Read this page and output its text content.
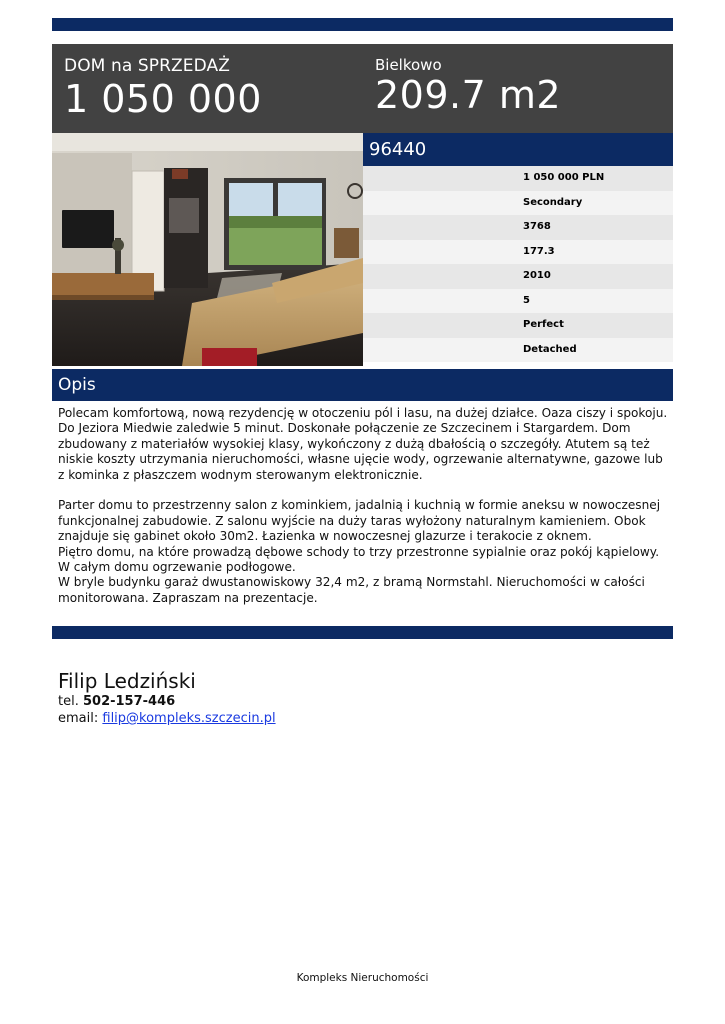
DOM na SPRZEDAŻ
1 050 000
Bielkowo
209.7 m2
96440
1 050 000 PLN
Secondary
3768
177.3
2010
5
Perfect
Detached
Opis

Polecam komfortową, nową rezydencję w otoczeniu pól i lasu, na dużej działce. Oaza ciszy i spokoju. Do Jeziora Miedwie zaledwie 5 minut. Doskonałe połączenie ze Szczecinem i Stargardem. Dom zbudowany z materiałów wysokiej klasy, wykończony z dużą dbałością o szczegóły. Atutem są też niskie koszty utrzymania nieruchomości, własne ujęcie wody, ogrzewanie alternatywne, gazowe lub z kominka z płaszczem wodnym sterowanym elektronicznie.

Parter domu to przestrzenny salon z kominkiem, jadalnią i kuchnią w formie aneksu w nowoczesnej funkcjonalnej zabudowie. Z salonu wyjście na duży taras wyłożony naturalnym kamieniem. Obok znajduje się gabinet około 30m2. Łazienka w nowoczesnej glazurze i terakocie z oknem.
Piętro domu, na które prowadzą dębowe schody to trzy przestronne sypialnie oraz pokój kąpielowy.
W całym domu ogrzewanie podłogowe.
W bryle budynku garaż dwustanowiskowy 32,4 m2, z bramą Normstahl. Nieruchomości w całości monitorowana. Zapraszam na prezentacje.

Filip Ledziński
tel. 502-157-446
email: filip@kompleks.szczecin.pl
Kompleks Nieruchomości
